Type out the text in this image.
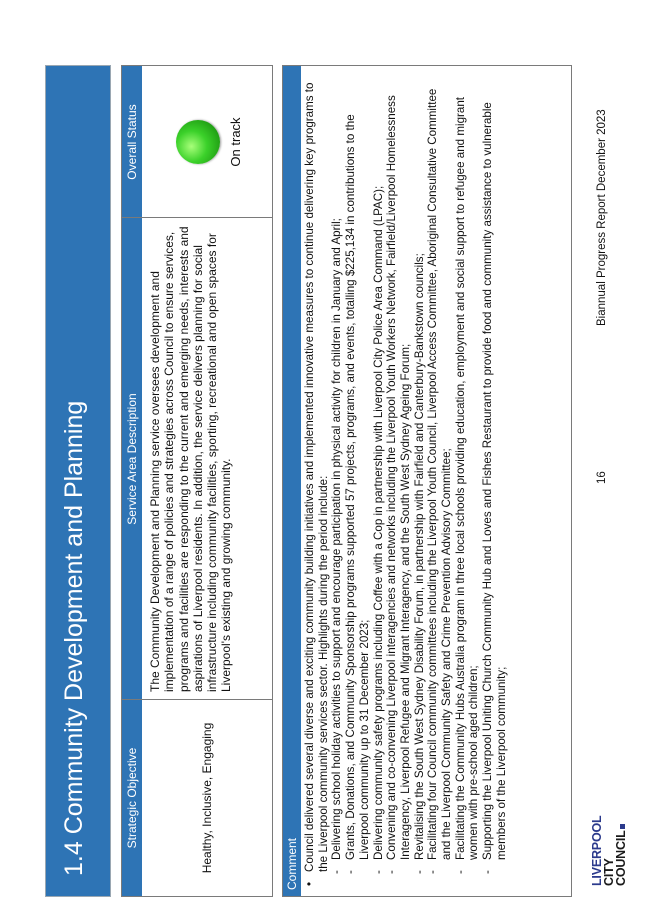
1.4 Community Development and Planning	Strategic Objective
Service Area Description
Overall Status
Healthy, Inclusive, Engaging
The Community Development and Planning service oversees development and implementation of a range of policies and strategies across Council to ensure services, programs and facilities are responding to the current and emerging needs, interests and aspirations of Liverpool residents. In addition, the service delivers planning for social infrastructure including community facilities, sporting, recreational and open spaces for Liverpool's existing and growing community.
On track
Comment •
Council delivered several diverse and exciting community building initiatives and implemented innovative measures to continue delivering key programs to the Liverpool community services sector. Highlights during the period include:
-
Delivering school holiday activities to support and encourage participation in physical activity for children in January and April;
-
Grants, Donations, and Community Sponsorship programs supported 57 projects, programs, and events, totalling $225,134 in contributions to the Liverpool community up to 31 December 2023;
-
Delivering community safety programs including Coffee with a Cop in partnership with Liverpool City Police Area Command (LPAC);
-
Convening and co-convening Liverpool interagencies and networks including the Liverpool Youth Workers Network, Fairfield/Liverpool Homelessness Interagency, Liverpool Refugee and Migrant Interagency, and the South West Sydney Ageing Forum;
-
Revitalising the South West Sydney Disability Forum, in partnership with Fairfield and Canterbury-Bankstown councils;
-
Facilitating four Council community committees including the Liverpool Youth Council, Liverpool Access Committee, Aboriginal Consultative Committee and the Liverpool Community Safety and Crime Prevention Advisory Committee;
-
Facilitating the Community Hubs Australia program in three local schools providing education, employment and social support to refugee and migrant women with pre-school aged children;
-
Supporting the Liverpool Uniting Church Community Hub and Loves and Fishes Restaurant to provide food and community assistance to vulnerable members of the Liverpool community;	LIVERPOOL
CITY
COUNCIL
16
Biannual Progress Report December 2023
